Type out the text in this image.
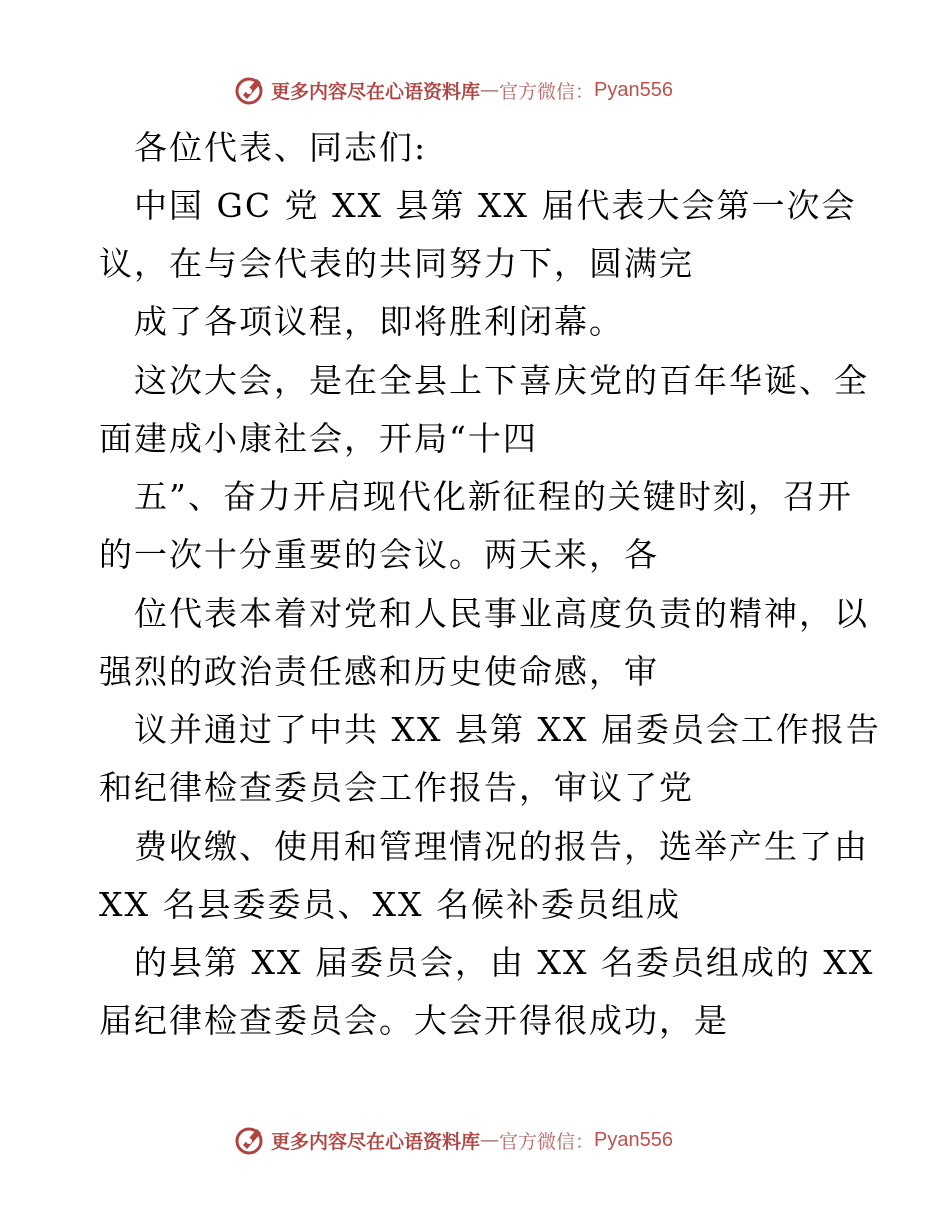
更多内容尽在心语资料库 — 官方微信： Pyan556
各位代表、同志们:
中国 GC 党 XX 县第 XX 届代表大会第一次会
议，在与会代表的共同努力下，圆满完
成了各项议程，即将胜利闭幕。
这次大会，是在全县上下喜庆党的百年华诞、全
面建成小康社会，开局“十四
五”、奋力开启现代化新征程的关键时刻，召开
的一次十分重要的会议。两天来，各
位代表本着对党和人民事业高度负责的精神，以
强烈的政治责任感和历史使命感，审
议并通过了中共 XX 县第 XX 届委员会工作报告
和纪律检查委员会工作报告，审议了党
费收缴、使用和管理情况的报告，选举产生了由
XX 名县委委员、XX 名候补委员组成
的县第 XX 届委员会，由 XX 名委员组成的 XX
届纪律检查委员会。大会开得很成功，是
更多内容尽在心语资料库 — 官方微信： Pyan556
